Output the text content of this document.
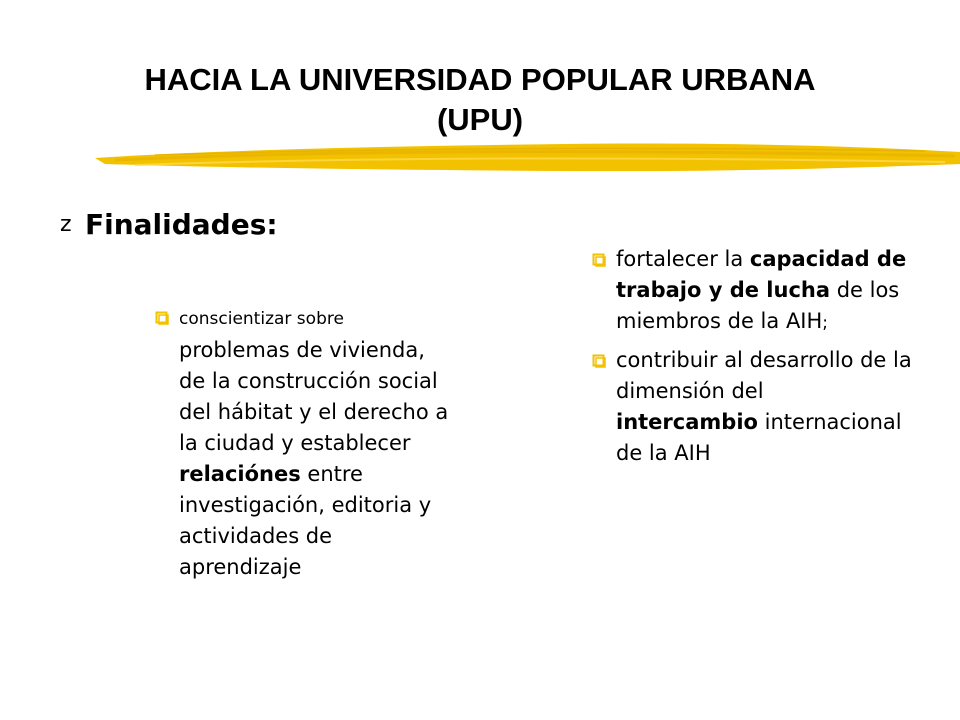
HACIA LA UNIVERSIDAD POPULAR URBANA
(UPU)
z Finalidades:
conscientizar sobre problemas de vivienda, de la construcción social del hábitat y el derecho a la ciudad y establecer relaciónes entre investigación, editoria y actividades de aprendizaje
fortalecer la capacidad de trabajo y de lucha de los miembros de la AIH;
contribuir al desarrollo de la dimensión del intercambio internacional de la AIH
